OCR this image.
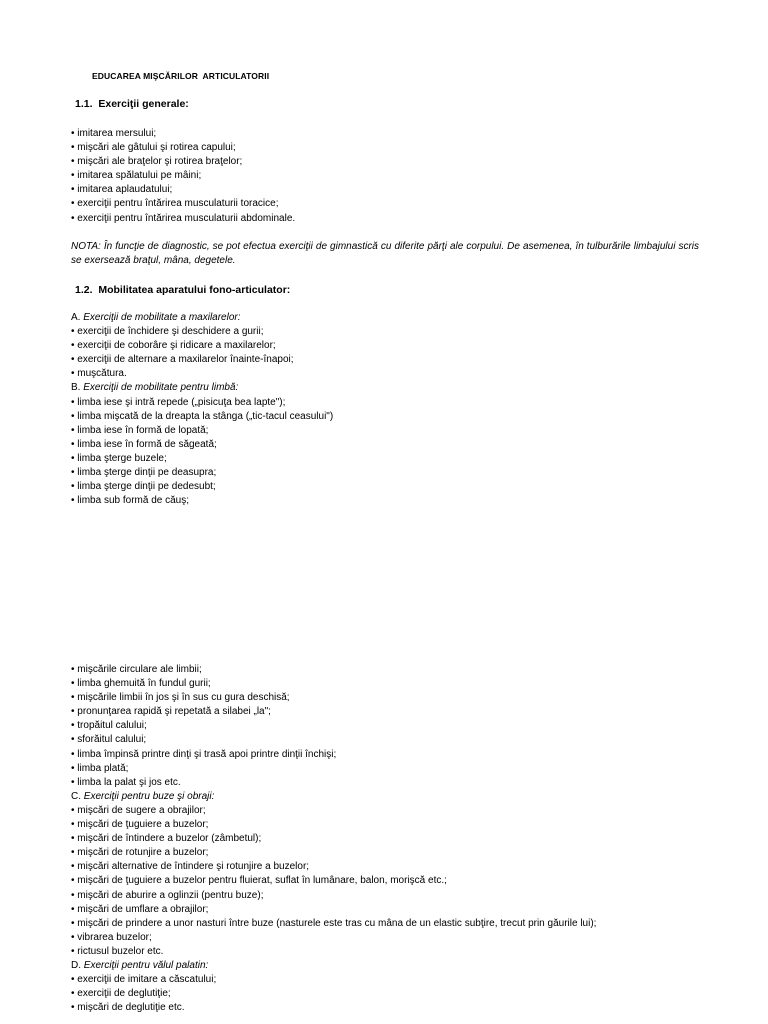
EDUCAREA MIŞCĂRILOR  ARTICULATORII
1.1.  Exerciţii generale:
• imitarea mersului;
• mişcări ale gâtului şi rotirea capului;
• mişcări ale braţelor şi rotirea braţelor;
• imitarea spălatului pe mâini;
• imitarea aplaudatului;
• exerciţii pentru întărirea musculaturii toracice;
• exerciţii pentru întărirea musculaturii abdominale.
NOTA: În funcţie de diagnostic, se pot efectua exerciţii de gimnastică cu diferite părţi ale corpului. De asemenea, în tulburările limbajului scris se exersează braţul, mâna, degetele.
1.2.  Mobilitatea aparatului fono-articulator:
A. Exerciţii de mobilitate a maxilarelor:
• exerciţii de închidere şi deschidere a gurii;
• exerciţii de coborâre şi ridicare a maxilarelor;
• exerciţii de alternare a maxilarelor înainte-înapoi;
• muşcătura.
B. Exerciţii de mobilitate pentru limbă:
• limba iese şi intră repede („pisicuţa bea lapte");
• limba mişcată de la dreapta la stânga („tic-tacul ceasului")
• limba iese în formă de lopată;
• limba iese în formă de săgeată;
• limba şterge buzele;
• limba şterge dinţii pe deasupra;
• limba şterge dinţii pe dedesubt;
• limba sub formă de căuş;
• mişcările circulare ale limbii;
• limba ghemuită în fundul gurii;
• mişcările limbii în jos şi în sus cu gura deschisă;
• pronunţarea rapidă şi repetată a silabei „la";
• tropăitul calului;
• sforăitul calului;
• limba împinsă printre dinţi şi trasă apoi printre dinţii închişi;
• limba plată;
• limba la palat şi jos etc.
C. Exerciţii pentru buze şi obraji:
• mişcări de sugere a obrajilor;
• mişcări de ţuguiere a buzelor;
• mişcări de întindere a buzelor (zâmbetul);
• mişcări de rotunjire a buzelor;
• mişcări alternative de întindere şi rotunjire a buzelor;
• mişcări de ţuguiere a buzelor pentru fluierat, suflat în lumânare, balon, morişcă etc.;
• mişcări de aburire a oglinzii (pentru buze);
• mişcări de umflare a obrajilor;
• mişcări de prindere a unor nasturi între buze (nasturele este tras cu mâna de un elastic subţire, trecut prin găurile lui);
• vibrarea buzelor;
• rictusul buzelor etc.
D. Exerciţii pentru vălul palatin:
• exerciţii de imitare a căscatului;
• exerciţii de deglutiţie;
• mişcări de deglutiţie etc.
